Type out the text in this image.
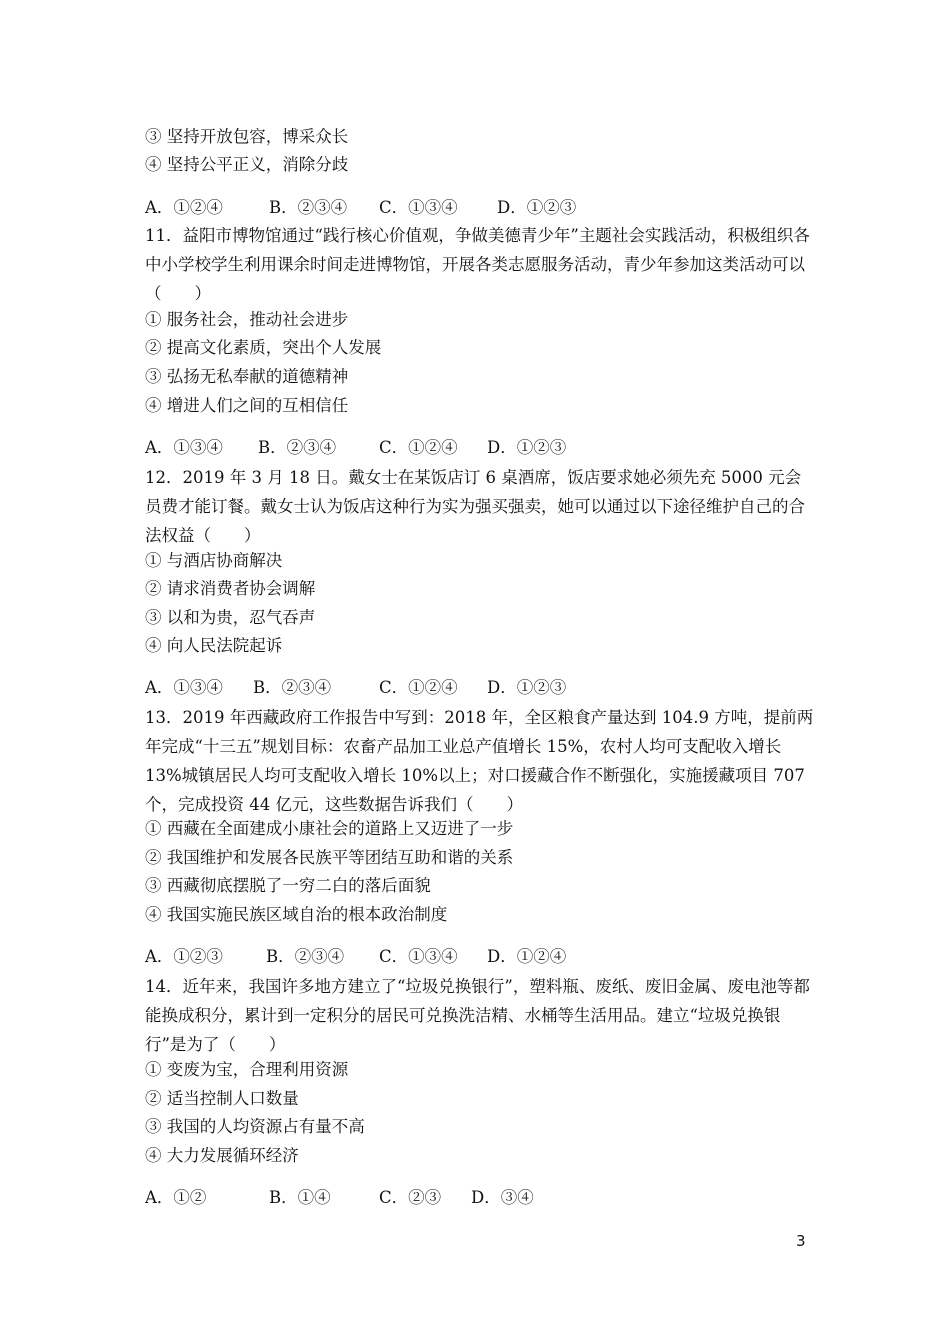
③ 坚持开放包容，博采众长
④ 坚持公平正义，消除分歧
A．①②④	B．②③④ C．①③④ D．①②③
11．益阳市博物馆通过“践行核心价值观，争做美德青少年”主题社会实践活动，积极组织各中小学校学生利用课余时间走进博物馆，开展各类志愿服务活动，青少年参加这类活动可以（　　）
① 服务社会，推动社会进步
② 提高文化素质，突出个人发展
③ 弘扬无私奉献的道德精神
④ 增进人们之间的互相信任
A．①③④ B．②③④	C．①②④ D．①②③
12．2019 年 3 月 18 日。戴女士在某饭店订 6 桌酒席，饭店要求她必须先充 5000 元会员费才能订餐。戴女士认为饭店这种行为实为强买强卖，她可以通过以下途径维护自己的合法权益（　　）
① 与酒店协商解决
② 请求消费者协会调解
③ 以和为贵，忍气吞声
④ 向人民法院起诉
A．①③④ B．②③④	C．①②④ D．①②③
13．2019 年西藏政府工作报告中写到：2018 年，全区粮食产量达到 104.9 方吨，提前两年完成“十三五”规划目标：农畜产品加工业总产值增长 15%，农村人均可支配收入增长 13%城镇居民人均可支配收入增长 10%以上；对口援藏合作不断强化，实施援藏项目 707 个，完成投资 44 亿元，这些数据告诉我们（　　）
① 西藏在全面建成小康社会的道路上又迈进了一步
② 我国维护和发展各民族平等团结互助和谐的关系
③ 西藏彻底摆脱了一穷二白的落后面貌
④ 我国实施民族区域自治的根本政治制度
A．①②③	B．②③④ C．①③④ D．①②④
14．近年来，我国许多地方建立了“垃圾兑换银行”，塑料瓶、废纸、废旧金属、废电池等都能换成积分，累计到一定积分的居民可兑换洗洁精、水桶等生活用品。建立“垃圾兑换银行”是为了（　　）
① 变废为宝，合理利用资源
② 适当控制人口数量
③ 我国的人均资源占有量不高
④ 大力发展循环经济
A．①②	B．①④	C．②③ D．③④
3
